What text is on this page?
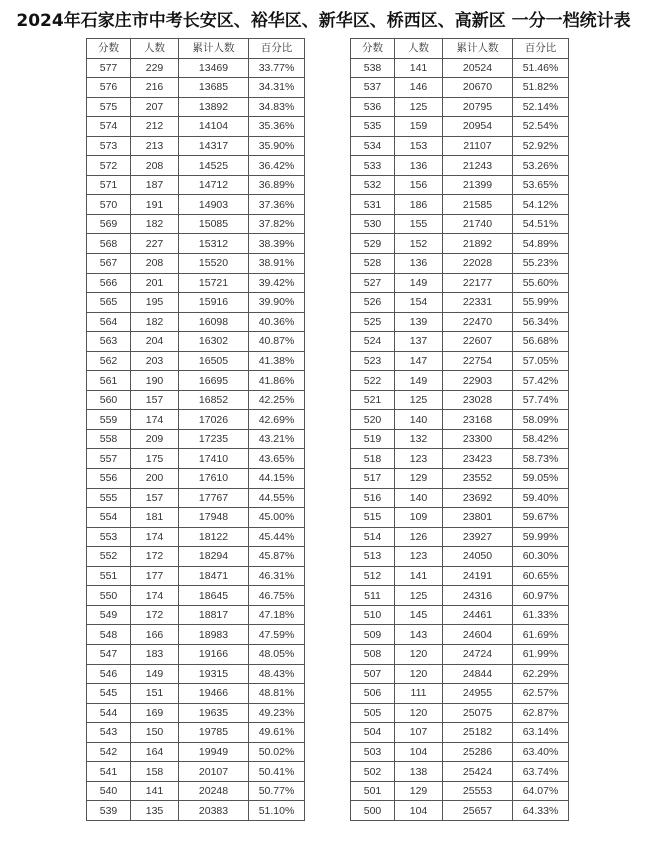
2024年石家庄市中考长安区、裕华区、新华区、桥西区、高新区 一分一档统计表
分数	人数	累计人数	百分比
577	229	13469	33.77%
576	216	13685	34.31%
575	207	13892	34.83%
574	212	14104	35.36%
573	213	14317	35.90%
572	208	14525	36.42%
571	187	14712	36.89%
570	191	14903	37.36%
569	182	15085	37.82%
568	227	15312	38.39%
567	208	15520	38.91%
566	201	15721	39.42%
565	195	15916	39.90%
564	182	16098	40.36%
563	204	16302	40.87%
562	203	16505	41.38%
561	190	16695	41.86%
560	157	16852	42.25%
559	174	17026	42.69%
558	209	17235	43.21%
557	175	17410	43.65%
556	200	17610	44.15%
555	157	17767	44.55%
554	181	17948	45.00%
553	174	18122	45.44%
552	172	18294	45.87%
551	177	18471	46.31%
550	174	18645	46.75%
549	172	18817	47.18%
548	166	18983	47.59%
547	183	19166	48.05%
546	149	19315	48.43%
545	151	19466	48.81%
544	169	19635	49.23%
543	150	19785	49.61%
542	164	19949	50.02%
541	158	20107	50.41%
540	141	20248	50.77%
539	135	20383	51.10%
分数	人数	累计人数	百分比
538	141	20524	51.46%
537	146	20670	51.82%
536	125	20795	52.14%
535	159	20954	52.54%
534	153	21107	52.92%
533	136	21243	53.26%
532	156	21399	53.65%
531	186	21585	54.12%
530	155	21740	54.51%
529	152	21892	54.89%
528	136	22028	55.23%
527	149	22177	55.60%
526	154	22331	55.99%
525	139	22470	56.34%
524	137	22607	56.68%
523	147	22754	57.05%
522	149	22903	57.42%
521	125	23028	57.74%
520	140	23168	58.09%
519	132	23300	58.42%
518	123	23423	58.73%
517	129	23552	59.05%
516	140	23692	59.40%
515	109	23801	59.67%
514	126	23927	59.99%
513	123	24050	60.30%
512	141	24191	60.65%
511	125	24316	60.97%
510	145	24461	61.33%
509	143	24604	61.69%
508	120	24724	61.99%
507	120	24844	62.29%
506	111	24955	62.57%
505	120	25075	62.87%
504	107	25182	63.14%
503	104	25286	63.40%
502	138	25424	63.74%
501	129	25553	64.07%
500	104	25657	64.33%
